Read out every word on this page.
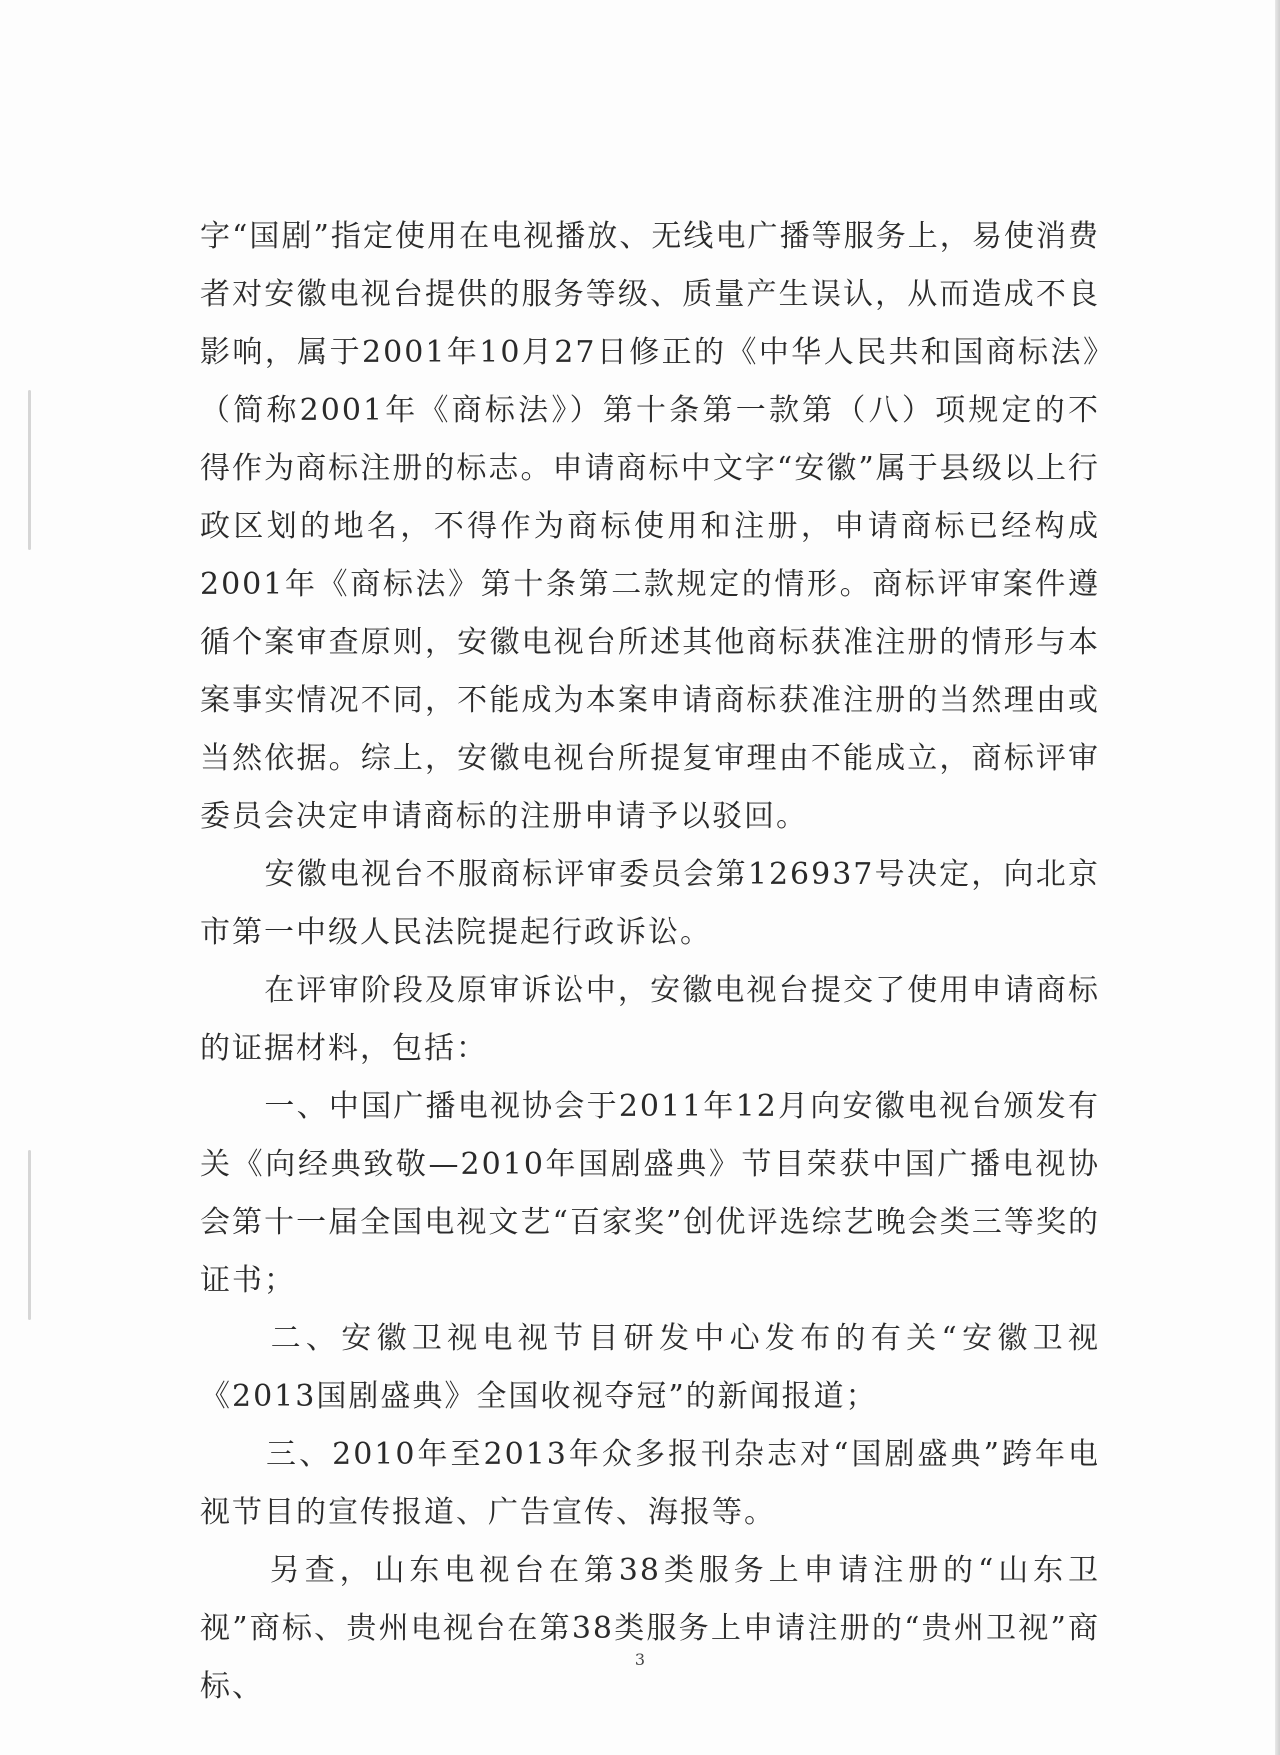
字“国剧”指定使用在电视播放、无线电广播等服务上，易使消费者对安徽电视台提供的服务等级、质量产生误认，从而造成不良影响，属于2001年10月27日修正的《中华人民共和国商标法》（简称2001年《商标法》）第十条第一款第（八）项规定的不得作为商标注册的标志。申请商标中文字“安徽”属于县级以上行政区划的地名，不得作为商标使用和注册，申请商标已经构成2001年《商标法》第十条第二款规定的情形。商标评审案件遵循个案审查原则，安徽电视台所述其他商标获准注册的情形与本案事实情况不同，不能成为本案申请商标获准注册的当然理由或当然依据。综上，安徽电视台所提复审理由不能成立，商标评审委员会决定申请商标的注册申请予以驳回。

　　安徽电视台不服商标评审委员会第126937号决定，向北京市第一中级人民法院提起行政诉讼。

　　在评审阶段及原审诉讼中，安徽电视台提交了使用申请商标的证据材料，包括：

　　一、中国广播电视协会于2011年12月向安徽电视台颁发有关《向经典致敬—2010年国剧盛典》节目荣获中国广播电视协会第十一届全国电视文艺“百家奖”创优评选综艺晚会类三等奖的证书；

　　二、安徽卫视电视节目研发中心发布的有关“安徽卫视《2013国剧盛典》全国收视夺冠”的新闻报道；

　　三、2010年至2013年众多报刊杂志对“国剧盛典”跨年电视节目的宣传报道、广告宣传、海报等。

　　另查，山东电视台在第38类服务上申请注册的“山东卫视”商标、贵州电视台在第38类服务上申请注册的“贵州卫视”商标、

3
